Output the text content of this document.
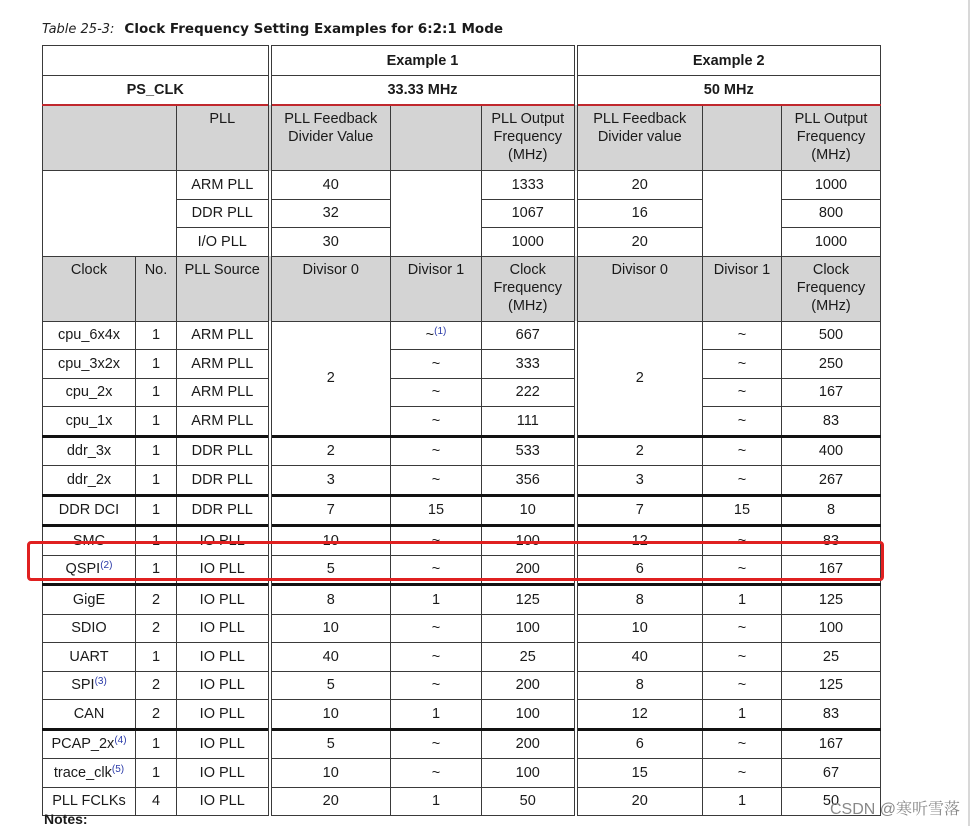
Table 25-3: Clock Frequency Setting Examples for 6:2:1 Mode
			Example 1			Example 2		
PS_CLK			33.33 MHz			50 MHz		
		PLL	PLL Feedback Divider Value		PLL Output Frequency (MHz)	PLL Feedback Divider value		PLL Output Frequency (MHz)
		ARM PLL	40		1333	20		1000
		DDR PLL	32		1067	16		800
		I/O PLL	30		1000	20		1000
Clock	No.	PLL Source	Divisor 0	Divisor 1	Clock Frequency (MHz)	Divisor 0	Divisor 1	Clock Frequency (MHz)
cpu_6x4x	1	ARM PLL	2	~$^{(1)}$	667	2	~	500
cpu_3x2x	1	ARM PLL		~	333		~	250
cpu_2x	1	ARM PLL		~	222		~	167
cpu_1x	1	ARM PLL		~	111		~	83
ddr_3x	1	DDR PLL	2	~	533	2	~	400
ddr_2x	1	DDR PLL	3	~	356	3	~	267
DDR DCI	1	DDR PLL	7	15	10	7	15	8
SMC	1	IO PLL	10	~	100	12	~	83
QSPI$^{(2)}$	1	IO PLL	5	~	200	6	~	167
GigE	2	IO PLL	8	1	125	8	1	125
SDIO	2	IO PLL	10	~	100	10	~	100
UART	1	IO PLL	40	~	25	40	~	25
SPI$^{(3)}$	2	IO PLL	5	~	200	8	~	125
CAN	2	IO PLL	10	1	100	12	1	83
$PCAP\_2x^{(4)}$	1	IO PLL	5	~	200	6	~	167
trace_clk$^{(5)}$	1	IO PLL	10	~	100	15	~	67
PLL FCLKs	4	IO PLL	20	1	50	20	1	50
Notes:
CSDN @寒听雪落
